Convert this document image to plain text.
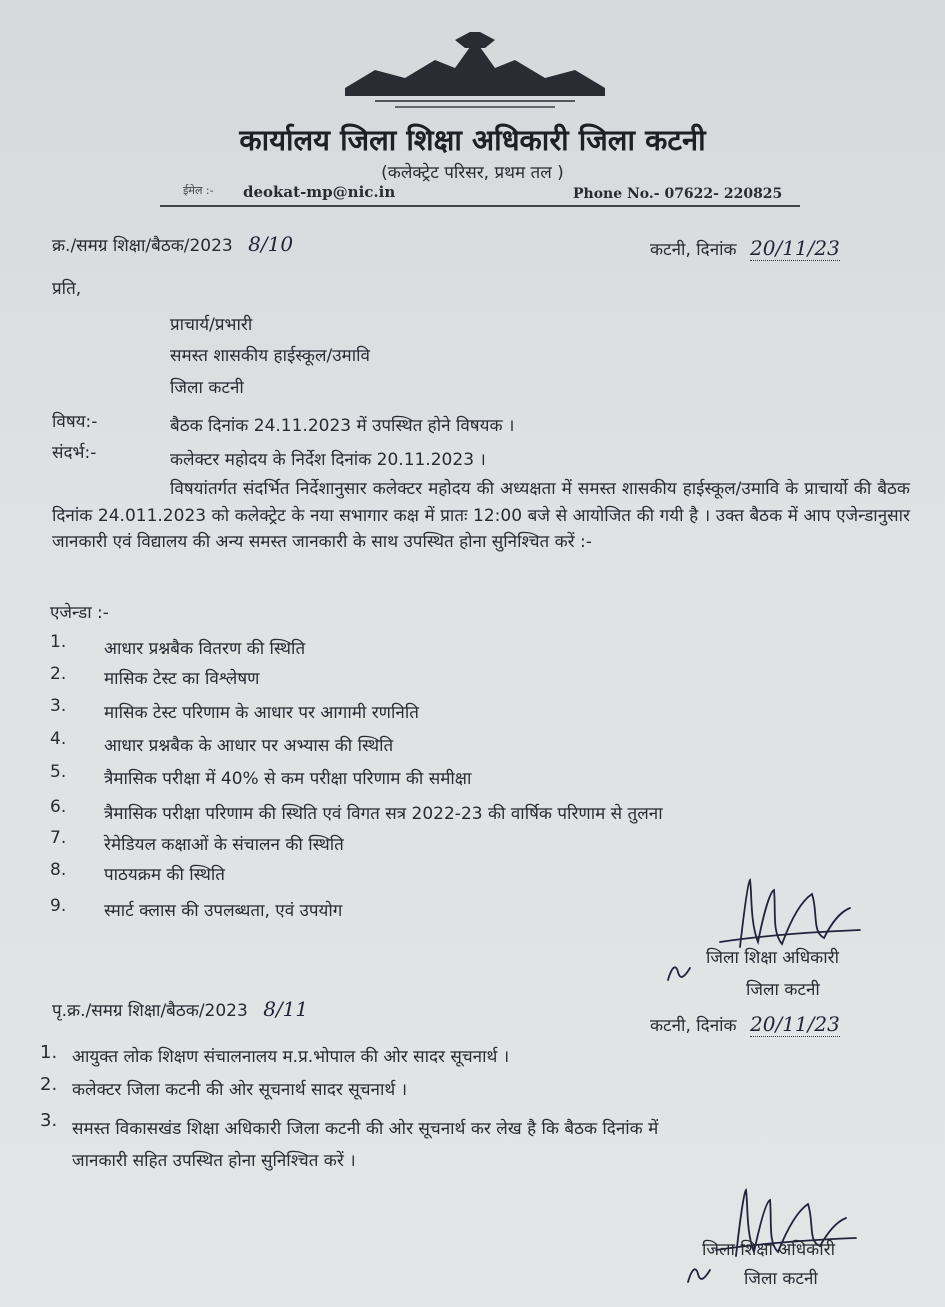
कार्यालय जिला शिक्षा अधिकारी जिला कटनी
(कलेक्ट्रेट परिसर, प्रथम तल )
ईमेल :- deokat-mp@nic.in	Phone No.- 07622- 220825
क्र./समग्र शिक्षा/बैठक/2023 8/10	कटनी, दिनांक 20/11/23
प्रति,
प्राचार्य/प्रभारी
समस्त शासकीय हाईस्कूल/उमावि
जिला कटनी
विषय:-	बैठक दिनांक 24.11.2023 में उपस्थित होने विषयक ।
संदर्भ:-	कलेक्टर महोदय के निर्देश दिनांक 20.11.2023 ।
विषयांतर्गत संदर्भित निर्देशानुसार कलेक्टर महोदय की अध्यक्षता में समस्त शासकीय हाईस्कूल/उमावि के प्राचार्यो की बैठक दिनांक 24.011.2023 को कलेक्ट्रेट के नया सभागार कक्ष में प्रातः 12:00 बजे से आयोजित की गयी है । उक्त बैठक में आप एजेन्डानुसार जानकारी एवं विद्यालय की अन्य समस्त जानकारी के साथ उपस्थित होना सुनिश्चित करें :-
एजेन्डा :-
1. आधार प्रश्नबैक वितरण की स्थिति
2. मासिक टेस्ट का विश्लेषण
3. मासिक टेस्ट परिणाम के आधार पर आगामी रणनिति
4. आधार प्रश्नबैक के आधार पर अभ्यास की स्थिति
5. त्रैमासिक परीक्षा में 40% से कम परीक्षा परिणाम की समीक्षा
6. त्रैमासिक परीक्षा परिणाम की स्थिति एवं विगत सत्र 2022-23 की वार्षिक परिणाम से तुलना
7. रेमेडियल कक्षाओं के संचालन की स्थिति
8. पाठयक्रम की स्थिति
9. स्मार्ट क्लास की उपलब्धता, एवं उपयोग
जिला शिक्षा अधिकारी
जिला कटनी
पृ.क्र./समग्र शिक्षा/बैठक/2023 8/11
कटनी, दिनांक 20/11/23
1. आयुक्त लोक शिक्षण संचालनालय म.प्र.भोपाल की ओर सादर सूचनार्थ ।
2. कलेक्टर जिला कटनी की ओर सूचनार्थ सादर सूचनार्थ ।
3. समस्त विकासखंड शिक्षा अधिकारी जिला कटनी की ओर सूचनार्थ कर लेख है कि बैठक दिनांक में
जानकारी सहित उपस्थित होना सुनिश्चित करें ।
जिला शिक्षा अधिकारी
जिला कटनी
